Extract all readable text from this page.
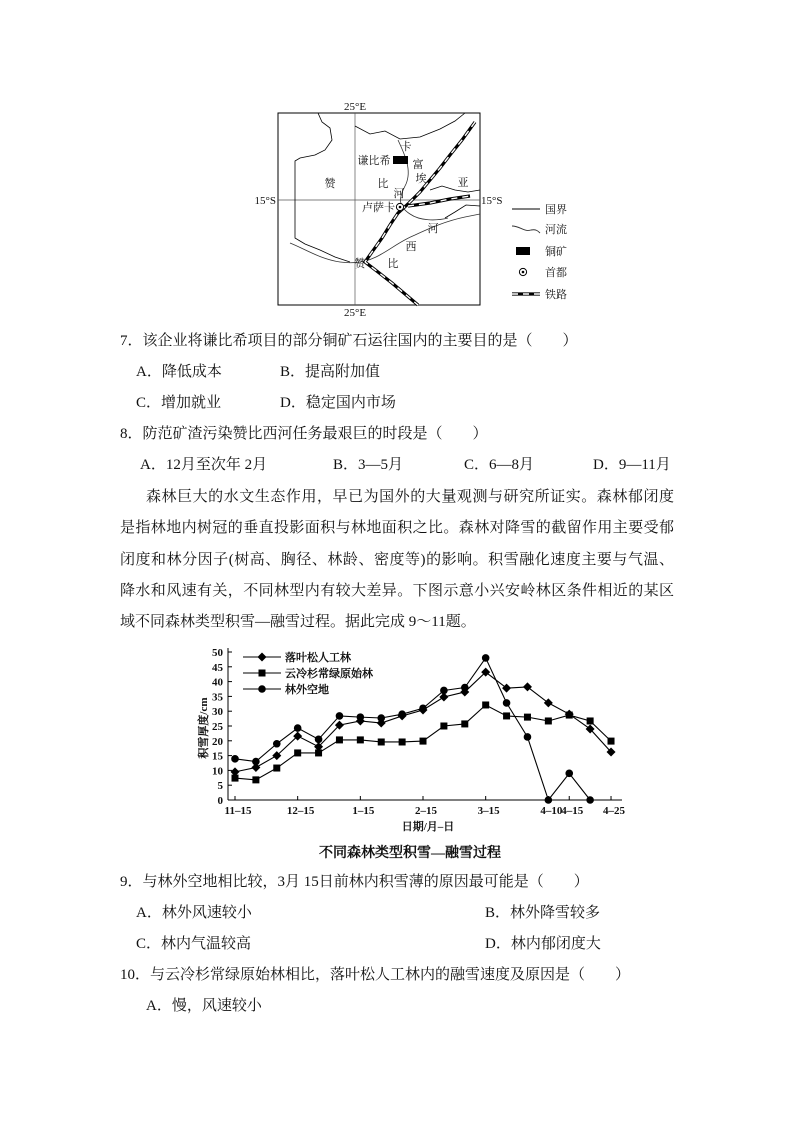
谦比希
卢萨卡
卡
富
埃
河
赞	比	亚
赞 比
西
河
25°E
25°E
15°S	15°S
国界
河流
铜矿
首都
铁路
7．该企业将谦比希项目的部分铜矿石运往国内的主要目的是（　　）
A．降低成本	B．提高附加值
C．增加就业	D．稳定国内市场
8．防范矿渣污染赞比西河任务最艰巨的时段是（　　）
A．12月至次年 2月	B．3—5月	C．6—8月	D．9—11月
森林巨大的水文生态作用，早已为国外的大量观测与研究所证实。森林郁闭度
是指林地内树冠的垂直投影面积与林地面积之比。森林对降雪的截留作用主要受郁
闭度和林分因子(树高、胸径、林龄、密度等)的影响。积雪融化速度主要与气温、
降水和风速有关，不同林型内有较大差异。下图示意小兴安岭林区条件相近的某区
域不同森林类型积雪—融雪过程。据此完成 9～11题。
0
5
10
15
20
25
30
35
40
45
50
11–15	12–15	1–15	2–15	3–15	4–10
4–15 4–25
落叶松人工林
云冷杉常绿原始林
林外空地
积雪厚度/cm
日期/月–日
不同森林类型积雪—融雪过程
9．与林外空地相比较，3月 15日前林内积雪薄的原因最可能是（　　）
A．林外风速较小	B．林外降雪较多
C．林内气温较高	D．林内郁闭度大
10．与云冷杉常绿原始林相比，落叶松人工林内的融雪速度及原因是（　　）
A．慢，风速较小
